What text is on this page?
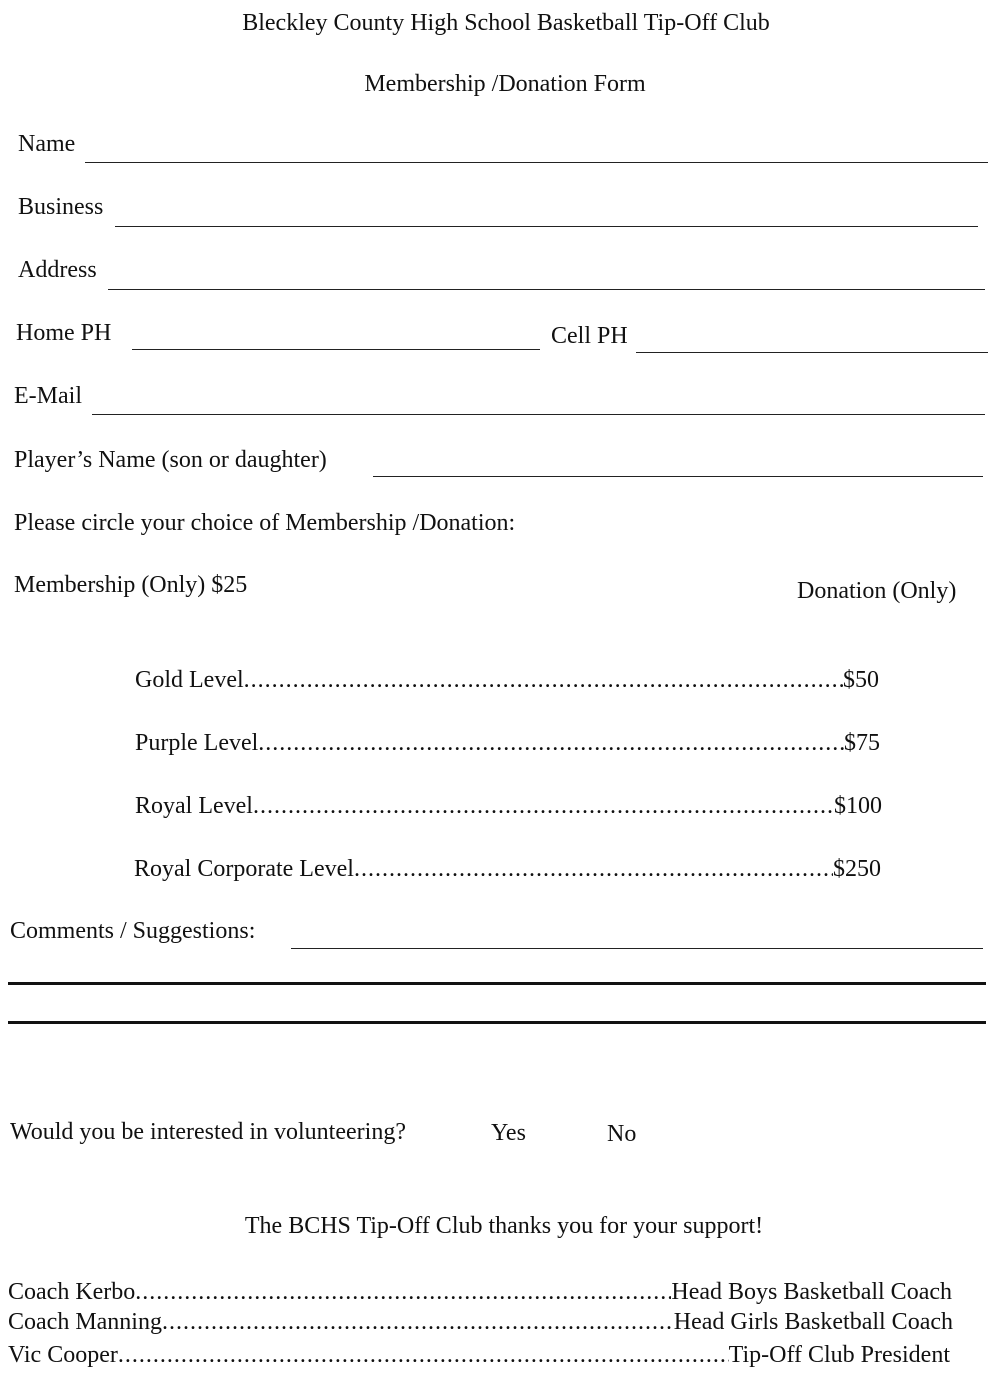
Bleckley County High School Basketball Tip-Off Club
Membership /Donation Form
Name
Business
Address
Home PH	Cell PH
E-Mail
Player’s Name (son or daughter)
Please circle your choice of Membership /Donation:
Membership (Only) $25	Donation (Only)
Gold Level .....	$50
Purple Level .....	$75
Royal Level .....	$100
Royal Corporate Level .....	$250
Comments / Suggestions:
Would you be interested in volunteering?	Yes	No
The BCHS Tip-Off Club thanks you for your support!
Coach Kerbo .....	Head Boys Basketball Coach
Coach Manning .....	Head Girls Basketball Coach
Vic Cooper .....	Tip-Off Club President
